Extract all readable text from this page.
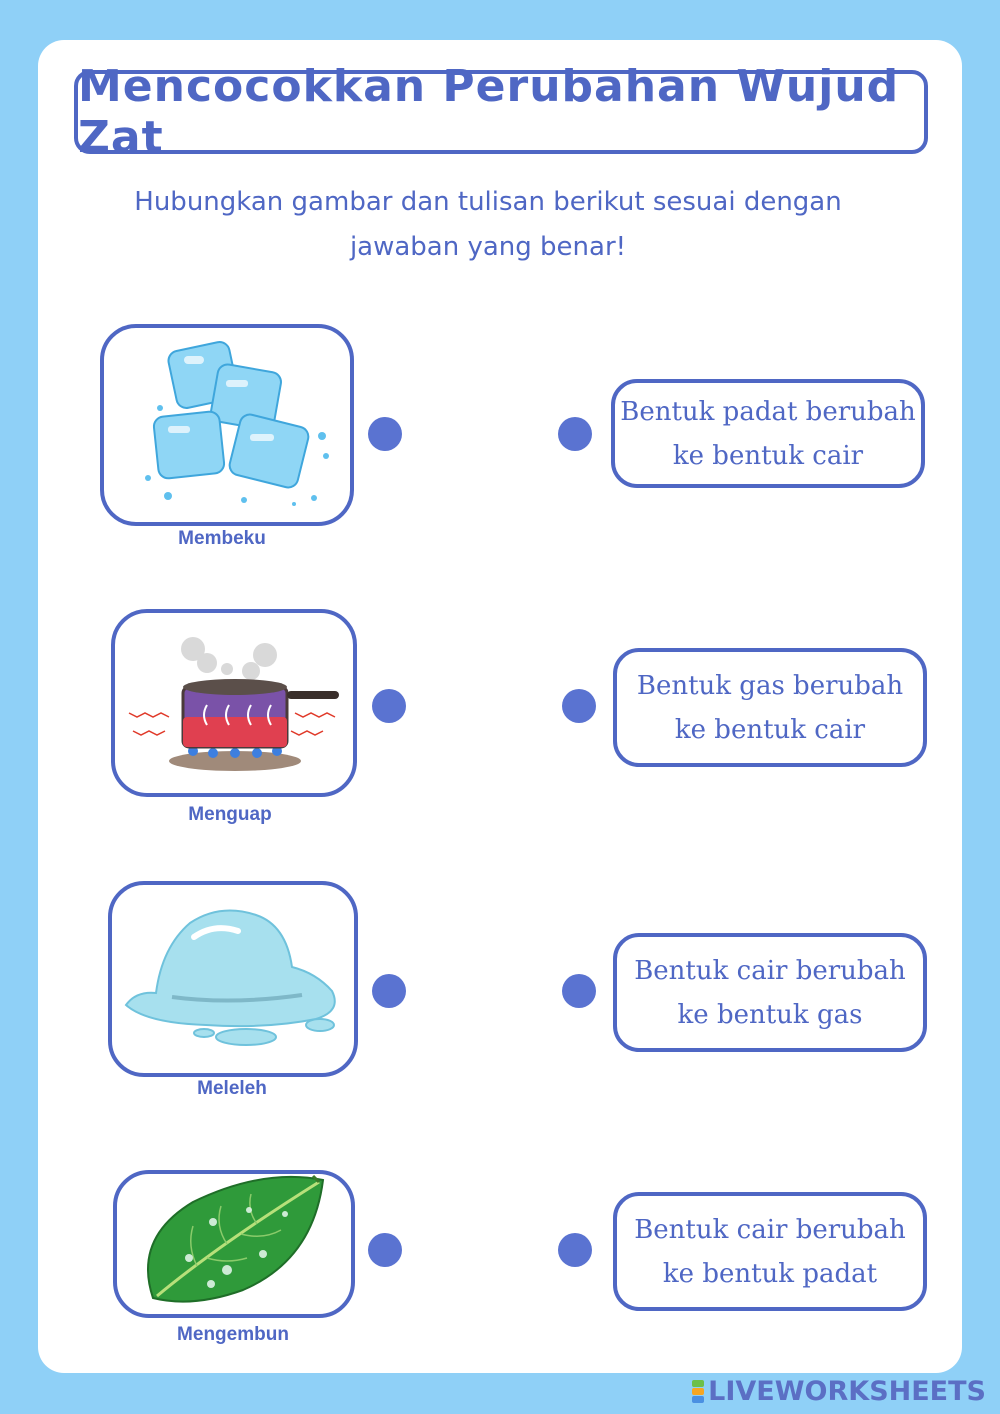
Mencocokkan Perubahan Wujud Zat
Hubungkan gambar dan tulisan berikut sesuai dengan jawaban yang benar!
Membeku
Bentuk padat berubah
ke bentuk cair
Menguap
Bentuk gas berubah
ke bentuk cair
Meleleh
Bentuk cair berubah
ke bentuk gas
Mengembun
Bentuk cair berubah
ke bentuk padat
LIVEWORKSHEETS
